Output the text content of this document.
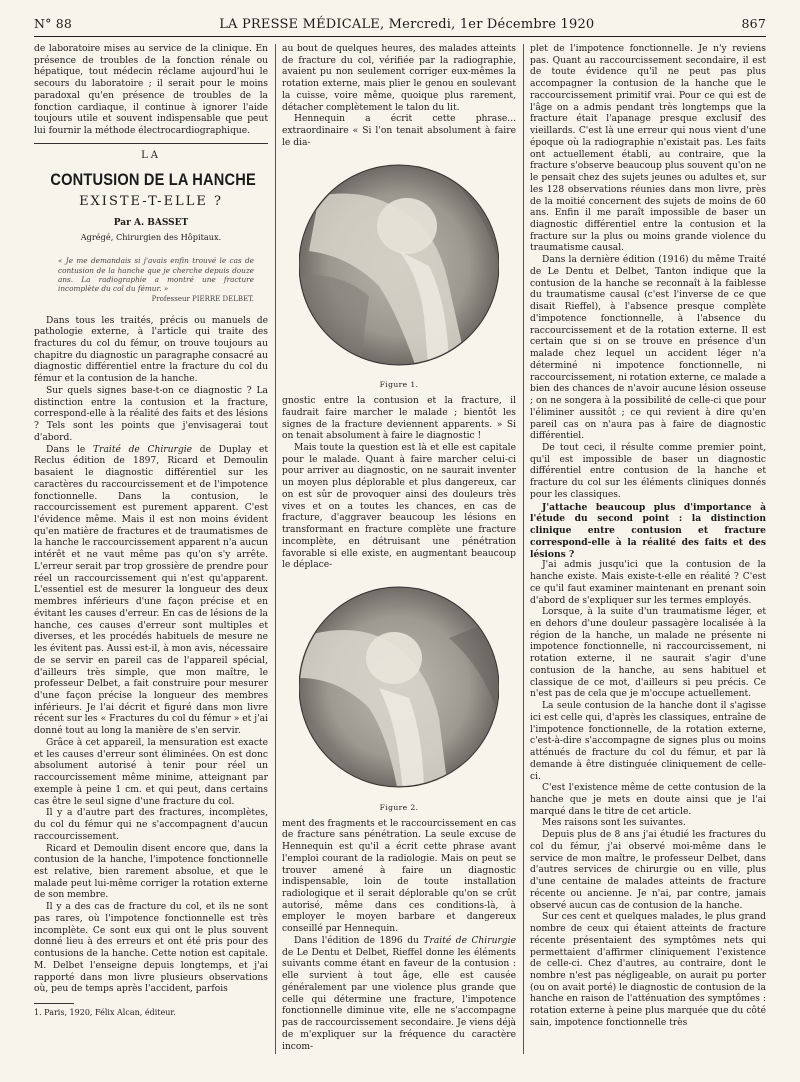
N° 88	LA PRESSE MÉDICALE, Mercredi, 1er Décembre 1920	867

de laboratoire mises au service de la clinique. En présence de troubles de la fonction rénale ou hépatique, tout médecin réclame aujourd'hui le secours du laboratoire ; il serait pour le moins paradoxal qu'en présence de troubles de la fonction cardiaque, il continue à ignorer l'aide toujours utile et souvent indispensable que peut lui fournir la méthode électrocardiographique.

LA
CONTUSION DE LA HANCHE
EXISTE-T-ELLE ?
Par A. BASSET
Agrégé, Chirurgien des Hôpitaux.
« Je me demandais si j'avais enfin trouvé le cas de contusion de la hanche que je cherche depuis douze ans. La radiographie a montré une fracture incomplète du col du fémur. »
Professeur PIERRE DELBET.

Dans tous les traités, précis ou manuels de pathologie externe, à l'article qui traite des fractures du col du fémur, on trouve toujours au chapitre du diagnostic un paragraphe consacré au diagnostic différentiel entre la fracture du col du fémur et la contusion de la hanche.

Sur quels signes base-t-on ce diagnostic ? La distinction entre la contusion et la fracture, correspond-elle à la réalité des faits et des lésions ? Tels sont les points que j'envisagerai tout d'abord.

Dans le Traité de Chirurgie de Duplay et Reclus édition de 1897, Ricard et Demoulin basaient le diagnostic différentiel sur les caractères du raccourcissement et de l'impotence fonctionnelle. Dans la contusion, le raccourcissement est purement apparent. C'est l'évidence même. Mais il est non moins évident qu'en matière de fractures et de traumatismes de la hanche le raccourcissement apparent n'a aucun intérêt et ne vaut même pas qu'on s'y arrête. L'erreur serait par trop grossière de prendre pour réel un raccourcissement qui n'est qu'apparent. L'essentiel est de mesurer la longueur des deux membres inférieurs d'une façon précise et en évitant les causes d'erreur. En cas de lésions de la hanche, ces causes d'erreur sont multiples et diverses, et les procédés habituels de mesure ne les évitent pas. Aussi est-il, à mon avis, nécessaire de se servir en pareil cas de l'appareil spécial, d'ailleurs très simple, que mon maître, le professeur Delbet, a fait construire pour mesurer d'une façon précise la longueur des membres inférieurs. Je l'ai décrit et figuré dans mon livre récent sur les « Fractures du col du fémur » et j'ai donné tout au long la manière de s'en servir.

Grâce à cet appareil, la mensuration est exacte et les causes d'erreur sont éliminées. On est donc absolument autorisé à tenir pour réel un raccourcissement même minime, atteignant par exemple à peine 1 cm. et qui peut, dans certains cas être le seul signe d'une fracture du col.

Il y a d'autre part des fractures, incomplètes, du col du fémur qui ne s'accompagnent d'aucun raccourcissement.

Ricard et Demoulin disent encore que, dans la contusion de la hanche, l'impotence fonctionnelle est relative, bien rarement absolue, et que le malade peut lui-même corriger la rotation externe de son membre.

Il y a des cas de fracture du col, et ils ne sont pas rares, où l'impotence fonctionnelle est très incomplète. Ce sont eux qui ont le plus souvent donné lieu à des erreurs et ont été pris pour des contusions de la hanche. Cette notion est capitale. M. Delbet l'enseigne depuis longtemps, et j'ai rapporté dans mon livre plusieurs observations où, peu de temps après l'accident, parfois

1. Paris, 1920, Félix Alcan, éditeur.

au bout de quelques heures, des malades atteints de fracture du col, vérifiée par la radiographie, avaient pu non seulement corriger eux-mêmes la rotation externe, mais plier le genou en soulevant la cuisse, voire même, quoique plus rarement, détacher complètement le talon du lit.

Hennequin a écrit cette phrase... extraordinaire « Si l'on tenait absolument à faire le dia-

Figure 1.

gnostic entre la contusion et la fracture, il faudrait faire marcher le malade ; bientôt les signes de la fracture deviennent apparents. » Si on tenait absolument à faire le diagnostic !

Mais toute la question est là et elle est capitale pour le malade. Quant à faire marcher celui-ci pour arriver au diagnostic, on ne saurait inventer un moyen plus déplorable et plus dangereux, car on est sûr de provoquer ainsi des douleurs très vives et on a toutes les chances, en cas de fracture, d'aggraver beaucoup les lésions en transformant en fracture complète une fracture incomplète, en détruisant une pénétration favorable si elle existe, en augmentant beaucoup le déplace-

Figure 2.

ment des fragments et le raccourcissement en cas de fracture sans pénétration. La seule excuse de Hennequin est qu'il a écrit cette phrase avant l'emploi courant de la radiologie. Mais on peut se trouver amené à faire un diagnostic indispensable, loin de toute installation radiologique et il serait déplorable qu'on se crût autorisé, même dans ces conditions-là, à employer le moyen barbare et dangereux conseillé par Hennequin.

Dans l'édition de 1896 du Traité de Chirurgie de Le Dentu et Delbet, Rieffel donne les éléments suivants comme étant en faveur de la contusion : elle survient à tout âge, elle est causée généralement par une violence plus grande que celle qui détermine une fracture, l'impotence fonctionnelle diminue vite, elle ne s'accompagne pas de raccourcissement secondaire. Je viens déjà de m'expliquer sur la fréquence du caractère incom-

plet de l'impotence fonctionnelle. Je n'y reviens pas. Quant au raccourcissement secondaire, il est de toute évidence qu'il ne peut pas plus accompagner la contusion de la hanche que le raccourcissement primitif vrai. Pour ce qui est de l'âge on a admis pendant très longtemps que la fracture était l'apanage presque exclusif des vieillards. C'est là une erreur qui nous vient d'une époque où la radiographie n'existait pas. Les faits ont actuellement établi, au contraire, que la fracture s'observe beaucoup plus souvent qu'on ne le pensait chez des sujets jeunes ou adultes et, sur les 128 observations réunies dans mon livre, près de la moitié concernent des sujets de moins de 60 ans. Enfin il me paraît impossible de baser un diagnostic différentiel entre la contusion et la fracture sur la plus ou moins grande violence du traumatisme causal.

Dans la dernière édition (1916) du même Traité de Le Dentu et Delbet, Tanton indique que la contusion de la hanche se reconnaît à la faiblesse du traumatisme causal (c'est l'inverse de ce que disait Rieffel), à l'absence presque complète d'impotence fonctionnelle, à l'absence du raccourcissement et de la rotation externe. Il est certain que si on se trouve en présence d'un malade chez lequel un accident léger n'a déterminé ni impotence fonctionnelle, ni raccourcissement, ni rotation externe, ce malade a bien des chances de n'avoir aucune lésion osseuse ; on ne songera à la possibilité de celle-ci que pour l'éliminer aussitôt ; ce qui revient à dire qu'en pareil cas on n'aura pas à faire de diagnostic différentiel.

De tout ceci, il résulte comme premier point, qu'il est impossible de baser un diagnostic différentiel entre contusion de la hanche et fracture du col sur les éléments cliniques donnés pour les classiques.

J'attache beaucoup plus d'importance à l'étude du second point : la distinction clinique entre contusion et fracture correspond-elle à la réalité des faits et des lésions ?

J'ai admis jusqu'ici que la contusion de la hanche existe. Mais existe-t-elle en réalité ? C'est ce qu'il faut examiner maintenant en prenant soin d'abord de s'expliquer sur les termes employés.

Lorsque, à la suite d'un traumatisme léger, et en dehors d'une douleur passagère localisée à la région de la hanche, un malade ne présente ni impotence fonctionnelle, ni raccourcissement, ni rotation externe, il ne saurait s'agir d'une contusion de la hanche, au sens habituel et classique de ce mot, d'ailleurs si peu précis. Ce n'est pas de cela que je m'occupe actuellement.

La seule contusion de la hanche dont il s'agisse ici est celle qui, d'après les classiques, entraîne de l'impotence fonctionnelle, de la rotation externe, c'est-à-dire s'accompagne de signes plus ou moins atténués de fracture du col du fémur, et par là demande à être distinguée cliniquement de celle-ci.

C'est l'existence même de cette contusion de la hanche que je mets en doute ainsi que je l'ai marqué dans le titre de cet article.

Mes raisons sont les suivantes.

Depuis plus de 8 ans j'ai étudié les fractures du col du fémur, j'ai observé moi-même dans le service de mon maître, le professeur Delbet, dans d'autres services de chirurgie ou en ville, plus d'une centaine de malades atteints de fracture récente ou ancienne. Je n'ai, par contre, jamais observé aucun cas de contusion de la hanche.

Sur ces cent et quelques malades, le plus grand nombre de ceux qui étaient atteints de fracture récente présentaient des symptômes nets qui permettaient d'affirmer cliniquement l'existence de celle-ci. Chez d'autres, au contraire, dont le nombre n'est pas négligeable, on aurait pu porter (ou on avait porté) le diagnostic de contusion de la hanche en raison de l'atténuation des symptômes : rotation externe à peine plus marquée que du côté sain, impotence fonctionnelle très
